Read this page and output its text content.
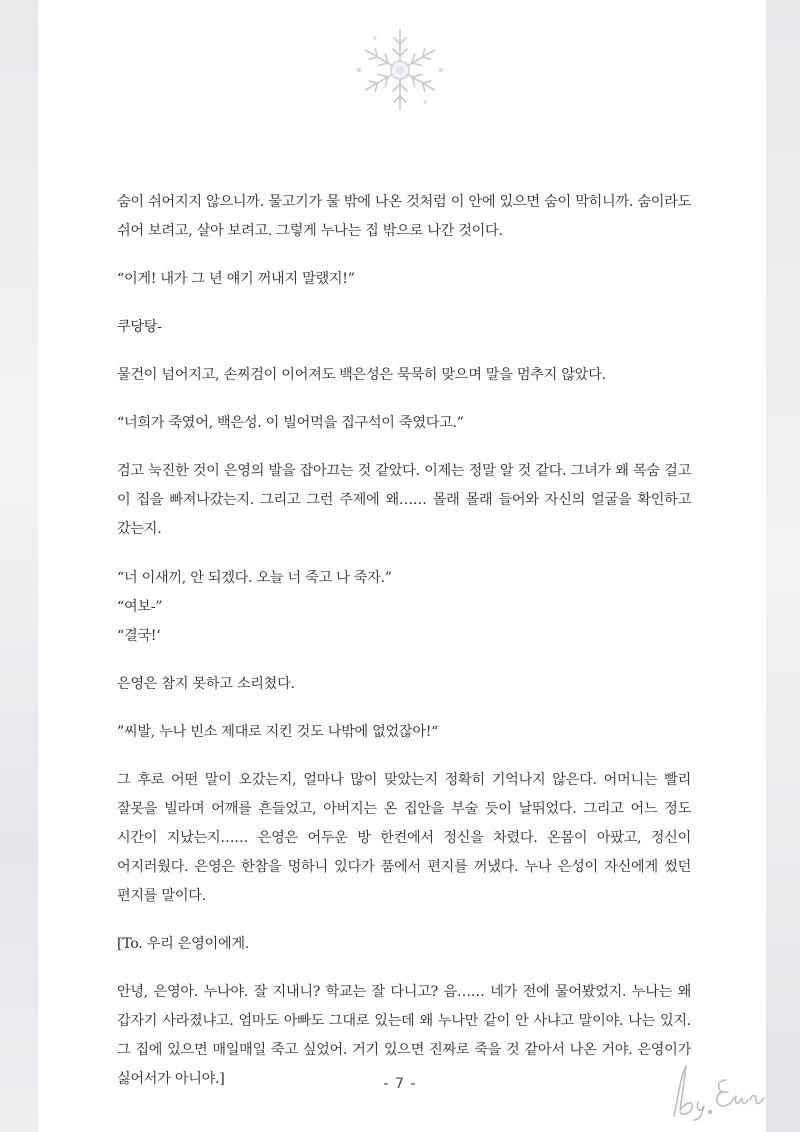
숨이 쉬어지지 않으니까. 물고기가 물 밖에 나온 것처럼 이 안에 있으면 숨이 막히니까. 숨이라도 쉬어 보려고, 살아 보려고. 그렇게 누나는 집 밖으로 나간 것이다.

“이게! 내가 그 년 얘기 꺼내지 말랬지!”

쿠당탕-

물건이 넘어지고, 손찌검이 이어져도 백은성은 묵묵히 맞으며 말을 멈추지 않았다.

“너희가 죽였어, 백은성. 이 빌어먹을 집구석이 죽였다고.”

검고 눅진한 것이 은영의 발을 잡아끄는 것 같았다. 이제는 정말 알 것 같다. 그녀가 왜 목숨 걸고 이 집을 빠져나갔는지. 그리고 그런 주제에 왜…… 몰래 몰래 들어와 자신의 얼굴을 확인하고 갔는지.

“너 이새끼, 안 되겠다. 오늘 너 죽고 나 죽자.”

“여보-”

“결국!‘

은영은 참지 못하고 소리쳤다.

”씨발, 누나 빈소 제대로 지킨 것도 나밖에 없었잖아!“

그 후로 어떤 말이 오갔는지, 얼마나 많이 맞았는지 정확히 기억나지 않은다. 어머니는 빨리 잘못을 빌라며 어깨를 흔들었고, 아버지는 온 집안을 부술 듯이 날뛰었다. 그리고 어느 정도 시간이 지났는지…… 은영은 어두운 방 한켠에서 정신을 차렸다. 온몸이 아팠고, 정신이 어지러웠다. 은영은 한참을 멍하니 있다가 품에서 편지를 꺼냈다. 누나 은성이 자신에게 썼던 편지를 말이다.

[To. 우리 은영이에게.

안녕, 은영아. 누나야. 잘 지내니? 학교는 잘 다니고? 음…… 네가 전에 물어봤었지. 누나는 왜 갑자기 사라졌냐고. 엄마도 아빠도 그대로 있는데 왜 누나만 같이 안 사냐고 말이야. 나는 있지. 그 집에 있으면 매일매일 죽고 싶었어. 거기 있으면 진짜로 죽을 것 같아서 나온 거야. 은영이가 싫어서가 아니야.]	- 7 -
